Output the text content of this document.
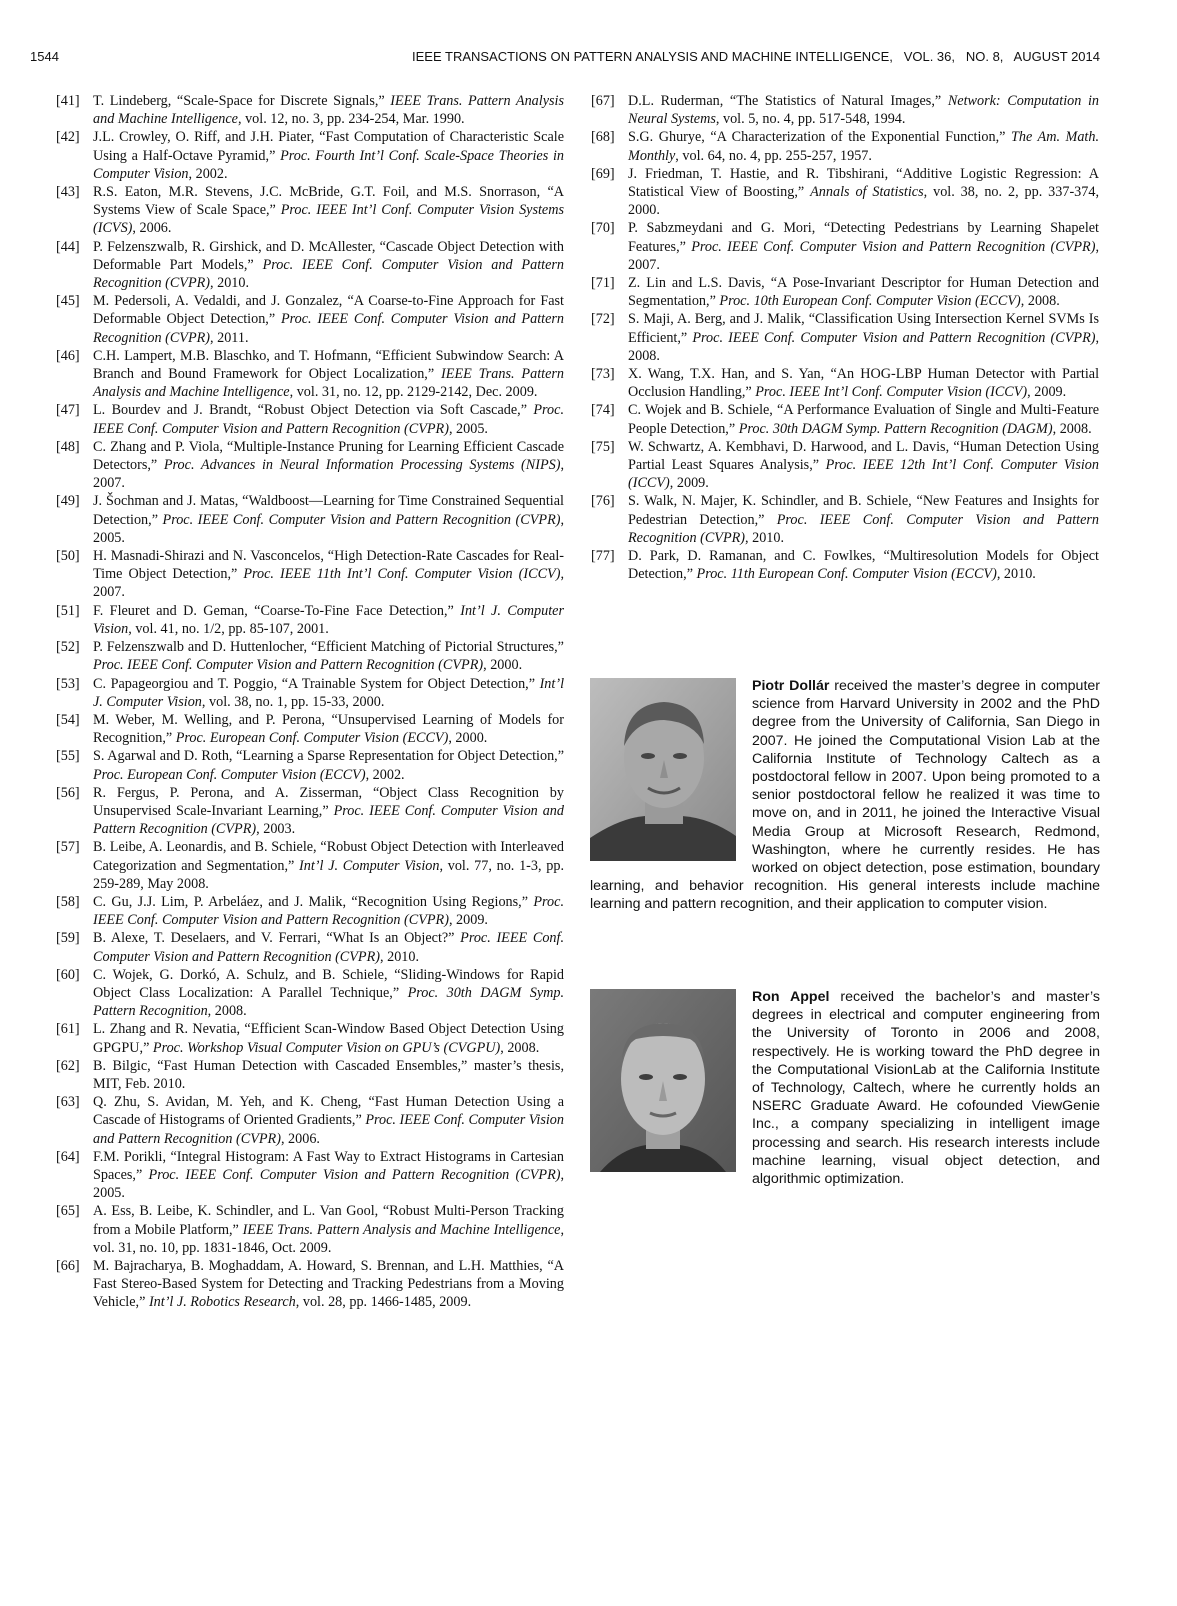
1544	IEEE TRANSACTIONS ON PATTERN ANALYSIS AND MACHINE INTELLIGENCE,   VOL. 36,   NO. 8,   AUGUST 2014
[41] T. Lindeberg, “Scale-Space for Discrete Signals,” IEEE Trans. Pattern Analysis and Machine Intelligence, vol. 12, no. 3, pp. 234-254, Mar. 1990.
[42] J.L. Crowley, O. Riff, and J.H. Piater, “Fast Computation of Characteristic Scale Using a Half-Octave Pyramid,” Proc. Fourth Int’l Conf. Scale-Space Theories in Computer Vision, 2002.
[43] R.S. Eaton, M.R. Stevens, J.C. McBride, G.T. Foil, and M.S. Snorrason, “A Systems View of Scale Space,” Proc. IEEE Int’l Conf. Computer Vision Systems (ICVS), 2006.
[44] P. Felzenszwalb, R. Girshick, and D. McAllester, “Cascade Object Detection with Deformable Part Models,” Proc. IEEE Conf. Computer Vision and Pattern Recognition (CVPR), 2010.
[45] M. Pedersoli, A. Vedaldi, and J. Gonzalez, “A Coarse-to-Fine Approach for Fast Deformable Object Detection,” Proc. IEEE Conf. Computer Vision and Pattern Recognition (CVPR), 2011.
[46] C.H. Lampert, M.B. Blaschko, and T. Hofmann, “Efficient Subwindow Search: A Branch and Bound Framework for Object Localization,” IEEE Trans. Pattern Analysis and Machine Intelligence, vol. 31, no. 12, pp. 2129-2142, Dec. 2009.
[47] L. Bourdev and J. Brandt, “Robust Object Detection via Soft Cascade,” Proc. IEEE Conf. Computer Vision and Pattern Recognition (CVPR), 2005.
[48] C. Zhang and P. Viola, “Multiple-Instance Pruning for Learning Efficient Cascade Detectors,” Proc. Advances in Neural Information Processing Systems (NIPS), 2007.
[49] J. Šochman and J. Matas, “Waldboost—Learning for Time Constrained Sequential Detection,” Proc. IEEE Conf. Computer Vision and Pattern Recognition (CVPR), 2005.
[50] H. Masnadi-Shirazi and N. Vasconcelos, “High Detection-Rate Cascades for Real-Time Object Detection,” Proc. IEEE 11th Int’l Conf. Computer Vision (ICCV), 2007.
[51] F. Fleuret and D. Geman, “Coarse-To-Fine Face Detection,” Int’l J. Computer Vision, vol. 41, no. 1/2, pp. 85-107, 2001.
[52] P. Felzenszwalb and D. Huttenlocher, “Efficient Matching of Pictorial Structures,” Proc. IEEE Conf. Computer Vision and Pattern Recognition (CVPR), 2000.
[53] C. Papageorgiou and T. Poggio, “A Trainable System for Object Detection,” Int’l J. Computer Vision, vol. 38, no. 1, pp. 15-33, 2000.
[54] M. Weber, M. Welling, and P. Perona, “Unsupervised Learning of Models for Recognition,” Proc. European Conf. Computer Vision (ECCV), 2000.
[55] S. Agarwal and D. Roth, “Learning a Sparse Representation for Object Detection,” Proc. European Conf. Computer Vision (ECCV), 2002.
[56] R. Fergus, P. Perona, and A. Zisserman, “Object Class Recognition by Unsupervised Scale-Invariant Learning,” Proc. IEEE Conf. Computer Vision and Pattern Recognition (CVPR), 2003.
[57] B. Leibe, A. Leonardis, and B. Schiele, “Robust Object Detection with Interleaved Categorization and Segmentation,” Int’l J. Computer Vision, vol. 77, no. 1-3, pp. 259-289, May 2008.
[58] C. Gu, J.J. Lim, P. Arbeláez, and J. Malik, “Recognition Using Regions,” Proc. IEEE Conf. Computer Vision and Pattern Recognition (CVPR), 2009.
[59] B. Alexe, T. Deselaers, and V. Ferrari, “What Is an Object?” Proc. IEEE Conf. Computer Vision and Pattern Recognition (CVPR), 2010.
[60] C. Wojek, G. Dorkó, A. Schulz, and B. Schiele, “Sliding-Windows for Rapid Object Class Localization: A Parallel Technique,” Proc. 30th DAGM Symp. Pattern Recognition, 2008.
[61] L. Zhang and R. Nevatia, “Efficient Scan-Window Based Object Detection Using GPGPU,” Proc. Workshop Visual Computer Vision on GPU’s (CVGPU), 2008.
[62] B. Bilgic, “Fast Human Detection with Cascaded Ensembles,” master’s thesis, MIT, Feb. 2010.
[63] Q. Zhu, S. Avidan, M. Yeh, and K. Cheng, “Fast Human Detection Using a Cascade of Histograms of Oriented Gradients,” Proc. IEEE Conf. Computer Vision and Pattern Recognition (CVPR), 2006.
[64] F.M. Porikli, “Integral Histogram: A Fast Way to Extract Histograms in Cartesian Spaces,” Proc. IEEE Conf. Computer Vision and Pattern Recognition (CVPR), 2005.
[65] A. Ess, B. Leibe, K. Schindler, and L. Van Gool, “Robust Multi-Person Tracking from a Mobile Platform,” IEEE Trans. Pattern Analysis and Machine Intelligence, vol. 31, no. 10, pp. 1831-1846, Oct. 2009.
[66] M. Bajracharya, B. Moghaddam, A. Howard, S. Brennan, and L.H. Matthies, “A Fast Stereo-Based System for Detecting and Tracking Pedestrians from a Moving Vehicle,” Int’l J. Robotics Research, vol. 28, pp. 1466-1485, 2009.
[67] D.L. Ruderman, “The Statistics of Natural Images,” Network: Computation in Neural Systems, vol. 5, no. 4, pp. 517-548, 1994.
[68] S.G. Ghurye, “A Characterization of the Exponential Function,” The Am. Math. Monthly, vol. 64, no. 4, pp. 255-257, 1957.
[69] J. Friedman, T. Hastie, and R. Tibshirani, “Additive Logistic Regression: A Statistical View of Boosting,” Annals of Statistics, vol. 38, no. 2, pp. 337-374, 2000.
[70] P. Sabzmeydani and G. Mori, “Detecting Pedestrians by Learning Shapelet Features,” Proc. IEEE Conf. Computer Vision and Pattern Recognition (CVPR), 2007.
[71] Z. Lin and L.S. Davis, “A Pose-Invariant Descriptor for Human Detection and Segmentation,” Proc. 10th European Conf. Computer Vision (ECCV), 2008.
[72] S. Maji, A. Berg, and J. Malik, “Classification Using Intersection Kernel SVMs Is Efficient,” Proc. IEEE Conf. Computer Vision and Pattern Recognition (CVPR), 2008.
[73] X. Wang, T.X. Han, and S. Yan, “An HOG-LBP Human Detector with Partial Occlusion Handling,” Proc. IEEE Int’l Conf. Computer Vision (ICCV), 2009.
[74] C. Wojek and B. Schiele, “A Performance Evaluation of Single and Multi-Feature People Detection,” Proc. 30th DAGM Symp. Pattern Recognition (DAGM), 2008.
[75] W. Schwartz, A. Kembhavi, D. Harwood, and L. Davis, “Human Detection Using Partial Least Squares Analysis,” Proc. IEEE 12th Int’l Conf. Computer Vision (ICCV), 2009.
[76] S. Walk, N. Majer, K. Schindler, and B. Schiele, “New Features and Insights for Pedestrian Detection,” Proc. IEEE Conf. Computer Vision and Pattern Recognition (CVPR), 2010.
[77] D. Park, D. Ramanan, and C. Fowlkes, “Multiresolution Models for Object Detection,” Proc. 11th European Conf. Computer Vision (ECCV), 2010.
Piotr Dollár received the master’s degree in computer science from Harvard University in 2002 and the PhD degree from the University of California, San Diego in 2007. He joined the Computational Vision Lab at the California Institute of Technology Caltech as a postdoctoral fellow in 2007. Upon being promoted to a senior postdoctoral fellow he realized it was time to move on, and in 2011, he joined the Interactive Visual Media Group at Microsoft Research, Redmond, Washington, where he currently resides. He has worked on object detection, pose estimation, boundary learning, and behavior recognition. His general interests include machine learning and pattern recognition, and their application to computer vision.
Ron Appel received the bachelor’s and master’s degrees in electrical and computer engineering from the University of Toronto in 2006 and 2008, respectively. He is working toward the PhD degree in the Computational VisionLab at the California Institute of Technology, Caltech, where he currently holds an NSERC Graduate Award. He cofounded ViewGenie Inc., a company specializing in intelligent image processing and search. His research interests include machine learning, visual object detection, and algorithmic optimization.
